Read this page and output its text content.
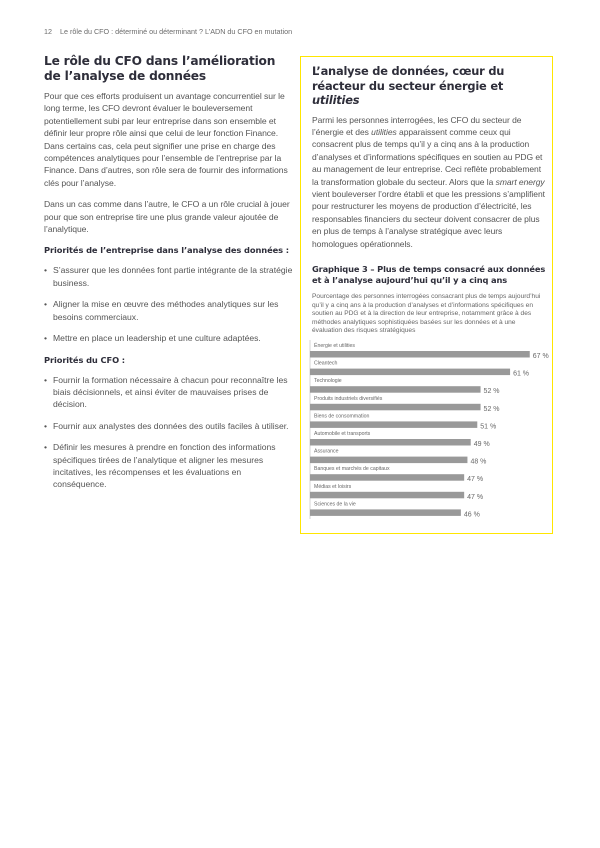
12 Le rôle du CFO : déterminé ou déterminant ? L’ADN du CFO en mutation
Le rôle du CFO dans l’amélioration de l’analyse de données

Pour que ces efforts produisent un avantage concurrentiel sur le long terme, les CFO devront évaluer le bouleversement potentiellement subi par leur entreprise dans son ensemble et définir leur propre rôle ainsi que celui de leur fonction Finance. Dans certains cas, cela peut signifier une prise en charge des compétences analytiques pour l’ensemble de l’entreprise par la Finance. Dans d’autres, son rôle sera de fournir des informations clés pour l’analyse.

Dans un cas comme dans l’autre, le CFO a un rôle crucial à jouer pour que son entreprise tire une plus grande valeur ajoutée de l’analytique.

Priorités de l’entreprise dans l’analyse des données :
• S’assurer que les données font partie intégrante de la stratégie business.
• Aligner la mise en œuvre des méthodes analytiques sur les besoins commerciaux.
• Mettre en place un leadership et une culture adaptées.
Priorités du CFO :
• Fournir la formation nécessaire à chacun pour reconnaître les biais décisionnels, et ainsi éviter de mauvaises prises de décision.
• Fournir aux analystes des données des outils faciles à utiliser.
• Définir les mesures à prendre en fonction des informations spécifiques tirées de l’analytique et aligner les mesures incitatives, les récompenses et les évaluations en conséquence.
L’analyse de données, cœur du réacteur du secteur énergie et utilities

Parmi les personnes interrogées, les CFO du secteur de l’énergie et des utilities apparaissent comme ceux qui consacrent plus de temps qu’il y a cinq ans à la production d’analyses et d’informations spécifiques en soutien au PDG et au management de leur entreprise. Ceci reflète probablement la transformation globale du secteur. Alors que la smart energy vient bouleverser l’ordre établi et que les pressions s’amplifient pour restructurer les moyens de production d’électricité, les responsables financiers du secteur doivent consacrer de plus en plus de temps à l’analyse stratégique avec leurs homologues opérationnels.

Graphique 3 – Plus de temps consacré aux données et à l’analyse aujourd’hui qu’il y a cinq ans

Pourcentage des personnes interrogées consacrant plus de temps aujourd’hui qu’il y a cinq ans à la production d’analyses et d’informations spécifiques en soutien au PDG et à la direction de leur entreprise, notamment grâce à des méthodes analytiques sophistiquées basées sur les données et à une évaluation des risques stratégiques

Énergie et utilities
67 %
Cleantech
61 %
Technologie
52 %
Produits industriels diversifiés
52 %
Biens de consommation
51 %
Automobile et transports
49 %
Assurance
48 %
Banques et marchés de capitaux
47 %
Médias et loisirs
47 %
Sciences de la vie
46 %
